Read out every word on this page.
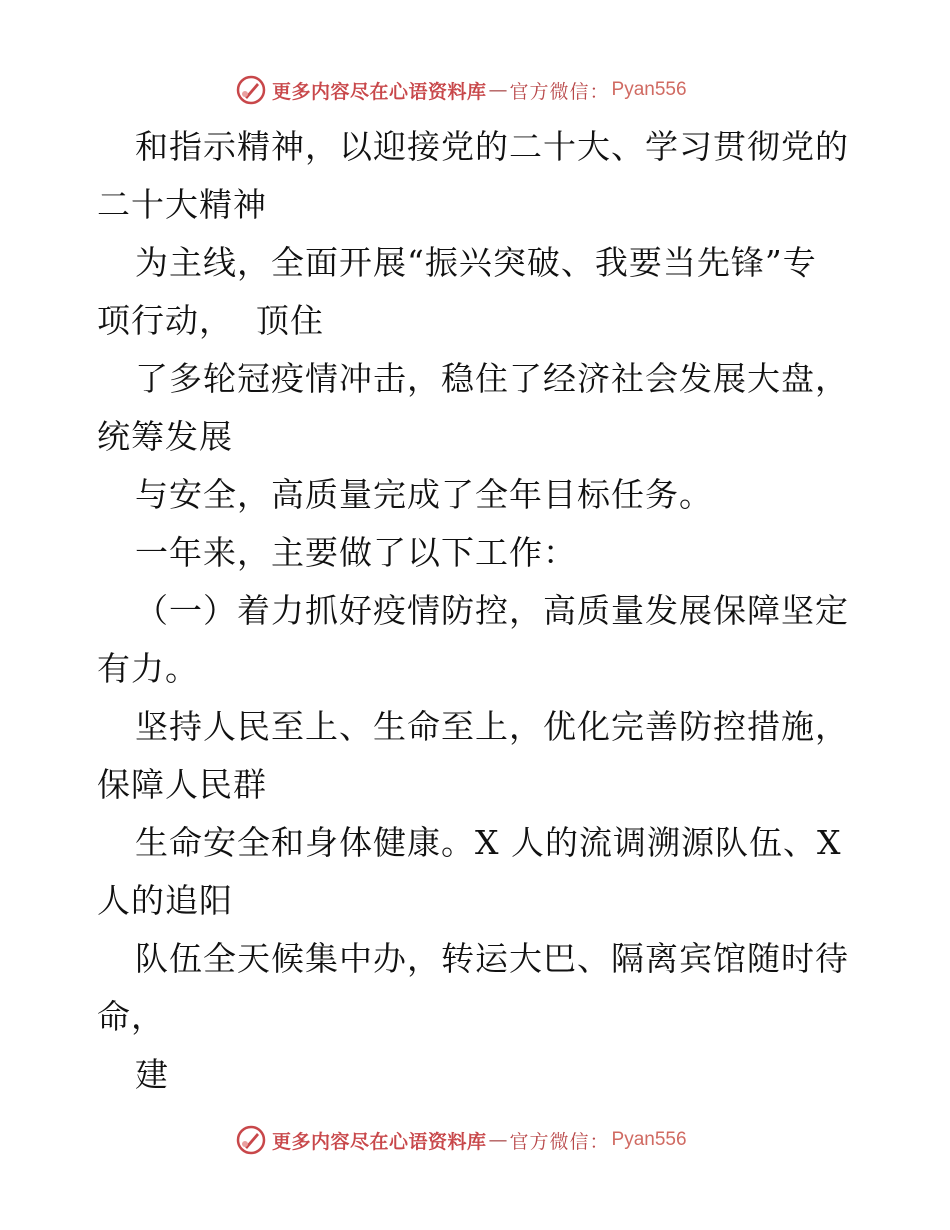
更多内容尽在心语资料库 — 官方微信： Pyan556
和指示精神，以迎接党的二十大、学习贯彻党的
二十大精神
为主线，全面开展“振兴突破、我要当先锋”专
项行动，  顶住
了多轮冠疫情冲击，稳住了经济社会发展大盘，
统筹发展
与安全，高质量完成了全年目标任务。
一年来，主要做了以下工作：
（一）着力抓好疫情防控，高质量发展保障坚定
有力。
坚持人民至上、生命至上，优化完善防控措施，
保障人民群
生命安全和身体健康。X 人的流调溯源队伍、X
人的追阳
队伍全天候集中办，转运大巴、隔离宾馆随时待
命，
建
更多内容尽在心语资料库 — 官方微信： Pyan556
